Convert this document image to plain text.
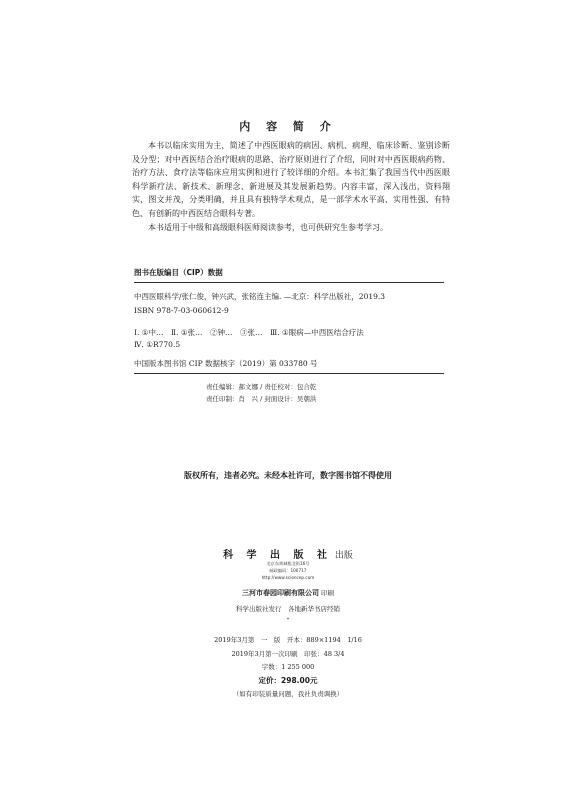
内 容 简 介

本书以临床实用为主，简述了中西医眼病的病因、病机、病理、临床诊断、鉴别诊断及分型；对中西医结合治疗眼病的思路、治疗原则进行了介绍，同时对中西医眼病药物、治疗方法、食疗法等临床应用实例和进行了较详细的介绍。本书汇集了我国当代中西医眼科学新疗法、新技术、新理念、新进展及其发展新趋势。内容丰富，深入浅出，资料翔实，图文并茂，分类明确，并且具有独特学术观点，是一部学术水平高、实用性强、有特色、有创新的中西医结合眼科专著。

本书适用于中级和高级眼科医师阅读参考，也可供研究生参考学习。

图书在版编目（CIP）数据
中西医眼科学/张仁俊，钟兴武，张铭连主编. —北京：科学出版社，2019.3
ISBN 978-7-03-060612-9
Ⅰ. ①中…　Ⅱ. ①张…　②钟…　③张…　Ⅲ. ①眼病—中西医结合疗法
Ⅳ. ①R770.5
中国版本图书馆 CIP 数据核字（2019）第 033780 号
责任编辑：郝文娜 / 责任校对：包合乾
责任印制：肖　兴 / 封面设计：吴朝洪
版权所有，违者必究。未经本社许可，数字图书馆不得使用
科 学 出 版 社 出版
北京东黄城根北街16号
邮政编码：100717
http://www.sciencep.com
三河市春园印刷有限公司 印刷
科学出版社发行　各地新华书店经销
*
2019年3月第　一　版　开本：889×1194　1/16
2019年3月第一次印刷　印张：48 3/4
字数：1 255 000
定价：298.00元
（如有印装质量问题，我社负责调换）
